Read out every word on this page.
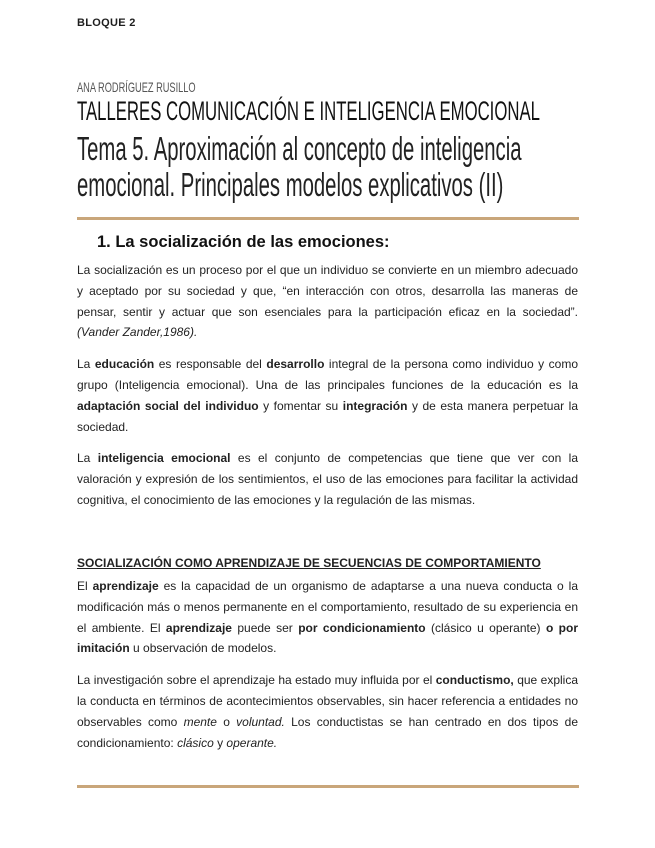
BLOQUE 2
ANA RODRÍGUEZ RUSILLO
TALLERES COMUNICACIÓN E INTELIGENCIA EMOCIONAL
Tema 5. Aproximación al concepto de inteligencia
emocional. Principales modelos explicativos (II)
1. La socialización de las emociones:

La socialización es un proceso por el que un individuo se convierte en un miembro adecuado y aceptado por su sociedad y que, “en interacción con otros, desarrolla las maneras de pensar, sentir y actuar que son esenciales para la participación eficaz en la sociedad”. (Vander Zander,1986).

La educación es responsable del desarrollo integral de la persona como individuo y como grupo (Inteligencia emocional). Una de las principales funciones de la educación es la adaptación social del individuo y fomentar su integración y de esta manera perpetuar la sociedad.

La inteligencia emocional es el conjunto de competencias que tiene que ver con la valoración y expresión de los sentimientos, el uso de las emociones para facilitar la actividad cognitiva, el conocimiento de las emociones y la regulación de las mismas.

SOCIALIZACIÓN COMO APRENDIZAJE DE SECUENCIAS DE COMPORTAMIENTO

El aprendizaje es la capacidad de un organismo de adaptarse a una nueva conducta o la modificación más o menos permanente en el comportamiento, resultado de su experiencia en el ambiente. El aprendizaje puede ser por condicionamiento (clásico u operante) o por imitación u observación de modelos.

La investigación sobre el aprendizaje ha estado muy influida por el conductismo, que explica la conducta en términos de acontecimientos observables, sin hacer referencia a entidades no observables como mente o voluntad. Los conductistas se han centrado en dos tipos de condicionamiento: clásico y operante.
